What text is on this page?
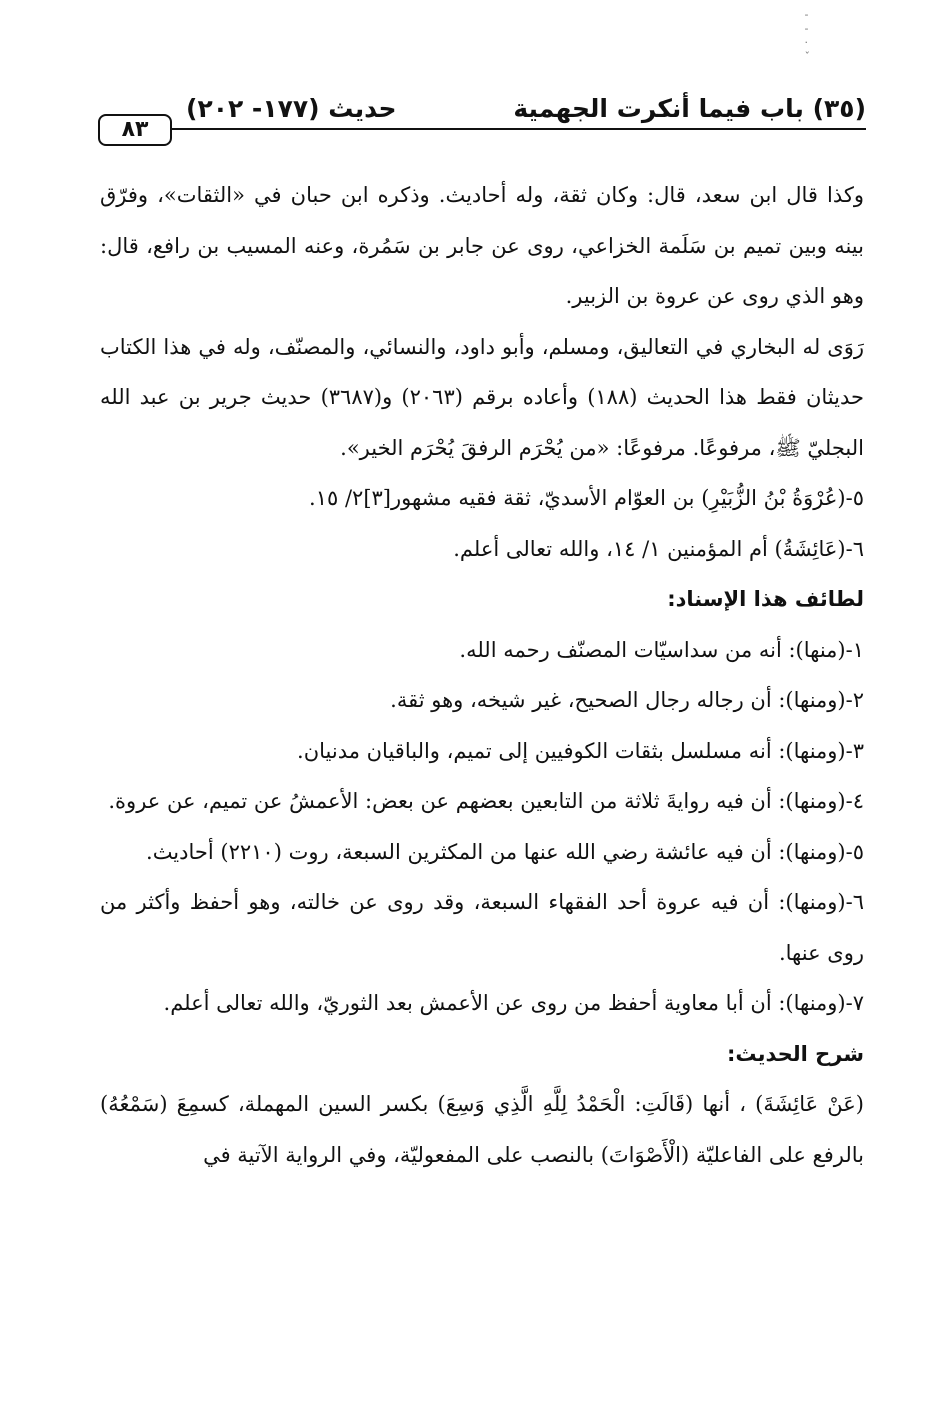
-
-
·
ˇ
(٣٥) باب فيما أنكرت الجهمية
حديث (١٧٧- ٢٠٢)
٨٣

وكذا قال ابن سعد، قال: وكان ثقة، وله أحاديث. وذكره ابن حبان في «الثقات»، وفرّق بينه وبين تميم بن سَلَمة الخزاعي، روى عن جابر بن سَمُرة، وعنه المسيب بن رافع، قال: وهو الذي روى عن عروة بن الزبير.

رَوَى له البخاري في التعاليق، ومسلم، وأبو داود، والنسائي، والمصنّف، وله في هذا الكتاب حديثان فقط هذا الحديث (١٨٨) وأعاده برقم (٢٠٦٣) و(٣٦٨٧) حديث جرير بن عبد الله البجليّ ﷺ، مرفوعًا. مرفوعًا: «من يُحْرَم الرفقَ يُحْرَم الخير».

٥-(عُرْوَةُ بْنُ الزُّبَيْرِ) بن العوّام الأسديّ، ثقة فقيه مشهور[٣]٢/ ١٥.

٦-(عَائِشَةُ) أم المؤمنين ١/ ١٤، والله تعالى أعلم.

لطائف هذا الإسناد:

١-(منها): أنه من سداسيّات المصنّف رحمه الله.

٢-(ومنها): أن رجاله رجال الصحيح، غير شيخه، وهو ثقة.

٣-(ومنها): أنه مسلسل بثقات الكوفيين إلى تميم، والباقيان مدنيان.

٤-(ومنها): أن فيه روايةَ ثلاثة من التابعين بعضهم عن بعض: الأعمشُ عن تميم، عن عروة.

٥-(ومنها): أن فيه عائشة رضي الله عنها من المكثرين السبعة، روت (٢٢١٠) أحاديث.

٦-(ومنها): أن فيه عروة أحد الفقهاء السبعة، وقد روى عن خالته، وهو أحفظ وأكثر من روى عنها.

٧-(ومنها): أن أبا معاوية أحفظ من روى عن الأعمش بعد الثوريّ، والله تعالى أعلم.

شرح الحديث:

(عَنْ عَائِشَةَ) ، أنها (قَالَتِ: الْحَمْدُ لِلَّهِ الَّذِي وَسِعَ) بكسر السين المهملة، كسمِعَ (سَمْعُهُ) بالرفع على الفاعليّة (الْأَصْوَاتَ) بالنصب على المفعوليّة، وفي الرواية الآتية في
